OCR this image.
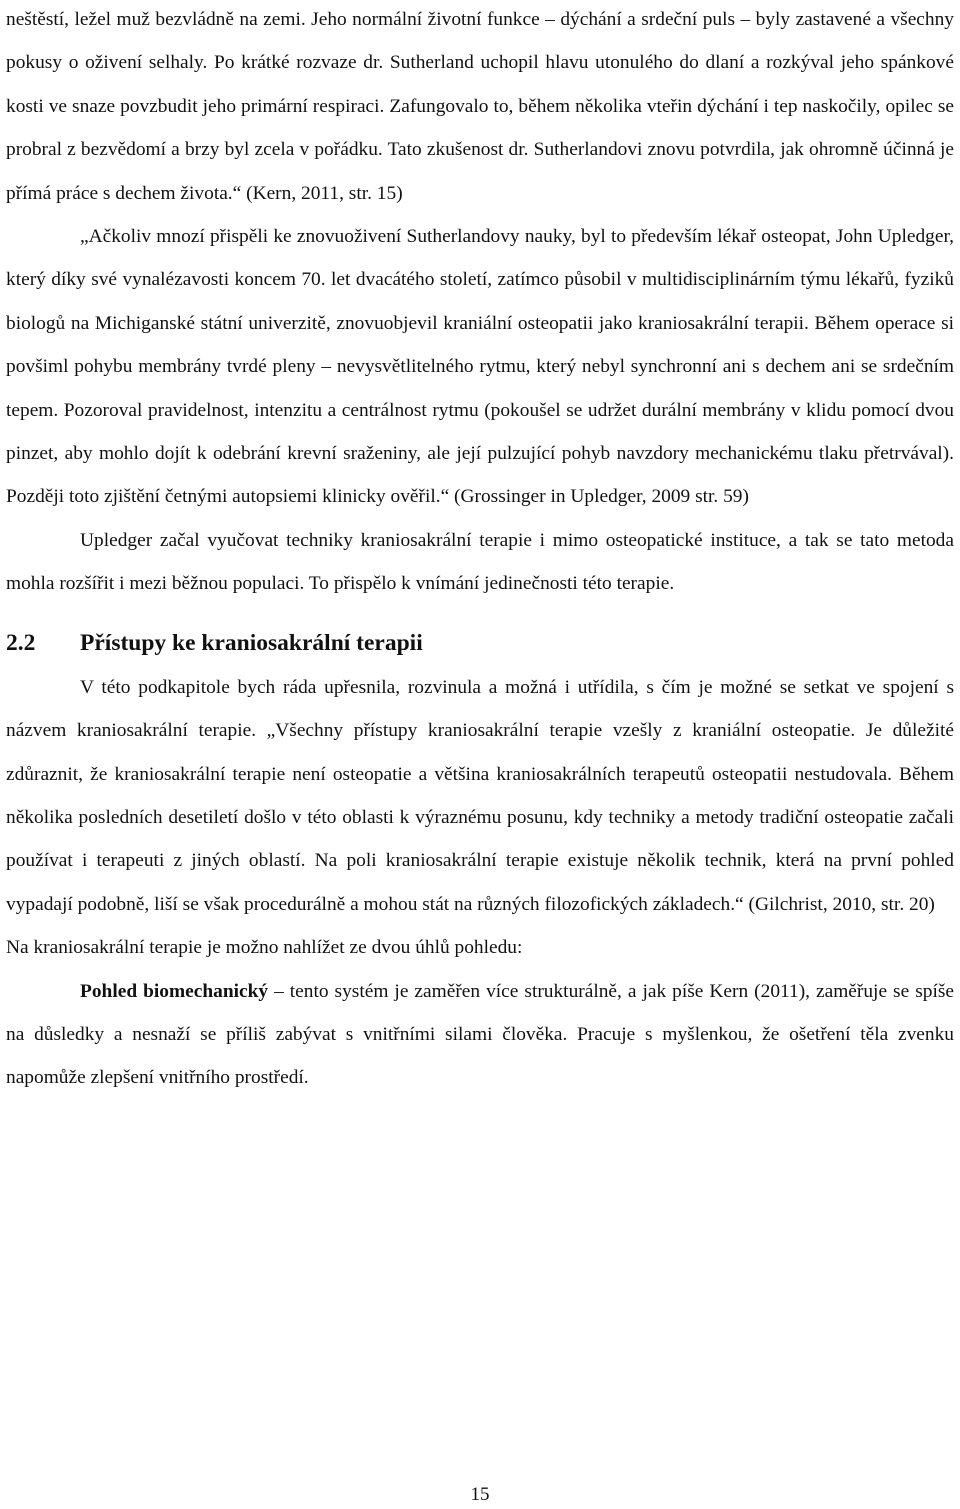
neštěstí, ležel muž bezvládně na zemi. Jeho normální životní funkce – dýchání a srdeční puls – byly zastavené a všechny pokusy o oživení selhaly. Po krátké rozvaze dr. Sutherland uchopil hlavu utonulého do dlaní a rozkýval jeho spánkové kosti ve snaze povzbudit jeho primární respiraci. Zafungovalo to, během několika vteřin dýchání i tep naskočily, opilec se probral z bezvědomí a brzy byl zcela v pořádku. Tato zkušenost dr. Sutherlandovi znovu potvrdila, jak ohromně účinná je přímá práce s dechem života.“ (Kern, 2011, str. 15)

„Ačkoliv mnozí přispěli ke znovuoživení Sutherlandovy nauky, byl to především lékař osteopat, John Upledger, který díky své vynalézavosti koncem 70. let dvacátého století, zatímco působil v multidisciplinárním týmu lékařů, fyziků biologů na Michiganské státní univerzitě, znovuobjevil kraniální osteopatii jako kraniosakrální terapii. Během operace si povšiml pohybu membrány tvrdé pleny – nevysvětlitelného rytmu, který nebyl synchronní ani s dechem ani se srdečním tepem. Pozoroval pravidelnost, intenzitu a centrálnost rytmu (pokoušel se udržet durální membrány v klidu pomocí dvou pinzet, aby mohlo dojít k odebrání krevní sraženiny, ale její pulzující pohyb navzdory mechanickému tlaku přetrvával). Později toto zjištění četnými autopsiemi klinicky ověřil.“ (Grossinger in Upledger, 2009 str. 59)

Upledger začal vyučovat techniky kraniosakrální terapie i mimo osteopatické instituce, a tak se tato metoda mohla rozšířit i mezi běžnou populaci. To přispělo k vnímání jedinečnosti této terapie.

2.2	Přístupy ke kraniosakrální terapii

V této podkapitole bych ráda upřesnila, rozvinula a možná i utřídila, s čím je možné se setkat ve spojení s názvem kraniosakrální terapie. „Všechny přístupy kraniosakrální terapie vzešly z kraniální osteopatie. Je důležité zdůraznit, že kraniosakrální terapie není osteopatie a většina kraniosakrálních terapeutů osteopatii nestudovala. Během několika posledních desetiletí došlo v této oblasti k výraznému posunu, kdy techniky a metody tradiční osteopatie začali používat i terapeuti z jiných oblastí. Na poli kraniosakrální terapie existuje několik technik, která na první pohled vypadají podobně, liší se však procedurálně a mohou stát na různých filozofických základech.“ (Gilchrist, 2010, str. 20)

Na kraniosakrální terapie je možno nahlížet ze dvou úhlů pohledu:

Pohled biomechanický – tento systém je zaměřen více strukturálně, a jak píše Kern (2011), zaměřuje se spíše na důsledky a nesnaží se příliš zabývat s vnitřními silami člověka. Pracuje s myšlenkou, že ošetření těla zvenku napomůže zlepšení vnitřního prostředí.

15
